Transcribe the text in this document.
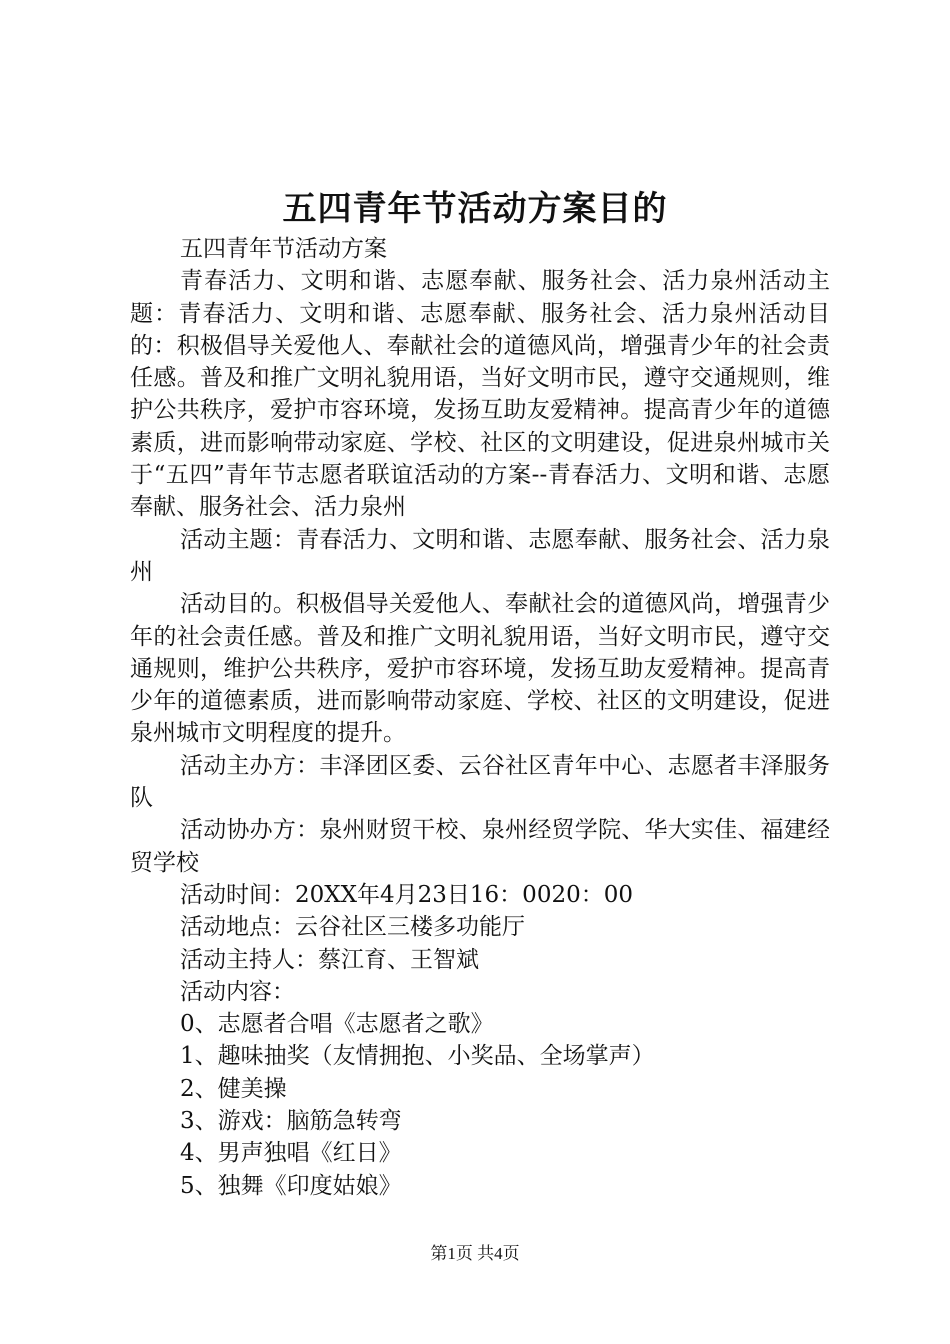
五四青年节活动方案目的

五四青年节活动方案

青春活力、文明和谐、志愿奉献、服务社会、活力泉州活动主题：青春活力、文明和谐、志愿奉献、服务社会、活力泉州活动目的：积极倡导关爱他人、奉献社会的道德风尚，增强青少年的社会责任感。普及和推广文明礼貌用语，当好文明市民，遵守交通规则，维护公共秩序，爱护市容环境，发扬互助友爱精神。提高青少年的道德素质，进而影响带动家庭、学校、社区的文明建设，促进泉州城市关于“五四”青年节志愿者联谊活动的方案--青春活力、文明和谐、志愿奉献、服务社会、活力泉州

活动主题：青春活力、文明和谐、志愿奉献、服务社会、活力泉州

活动目的。积极倡导关爱他人、奉献社会的道德风尚，增强青少年的社会责任感。普及和推广文明礼貌用语，当好文明市民，遵守交通规则，维护公共秩序，爱护市容环境，发扬互助友爱精神。提高青少年的道德素质，进而影响带动家庭、学校、社区的文明建设，促进泉州城市文明程度的提升。

活动主办方：丰泽团区委、云谷社区青年中心、志愿者丰泽服务队

活动协办方：泉州财贸干校、泉州经贸学院、华大实佳、福建经贸学校

活动时间：20XX年4月23日16：0020：00

活动地点：云谷社区三楼多功能厅

活动主持人：蔡江育、王智斌

活动内容：

0、志愿者合唱《志愿者之歌》

1、趣味抽奖（友情拥抱、小奖品、全场掌声）

2、健美操

3、游戏：脑筋急转弯

4、男声独唱《红日》

5、独舞《印度姑娘》

第1页 共4页
